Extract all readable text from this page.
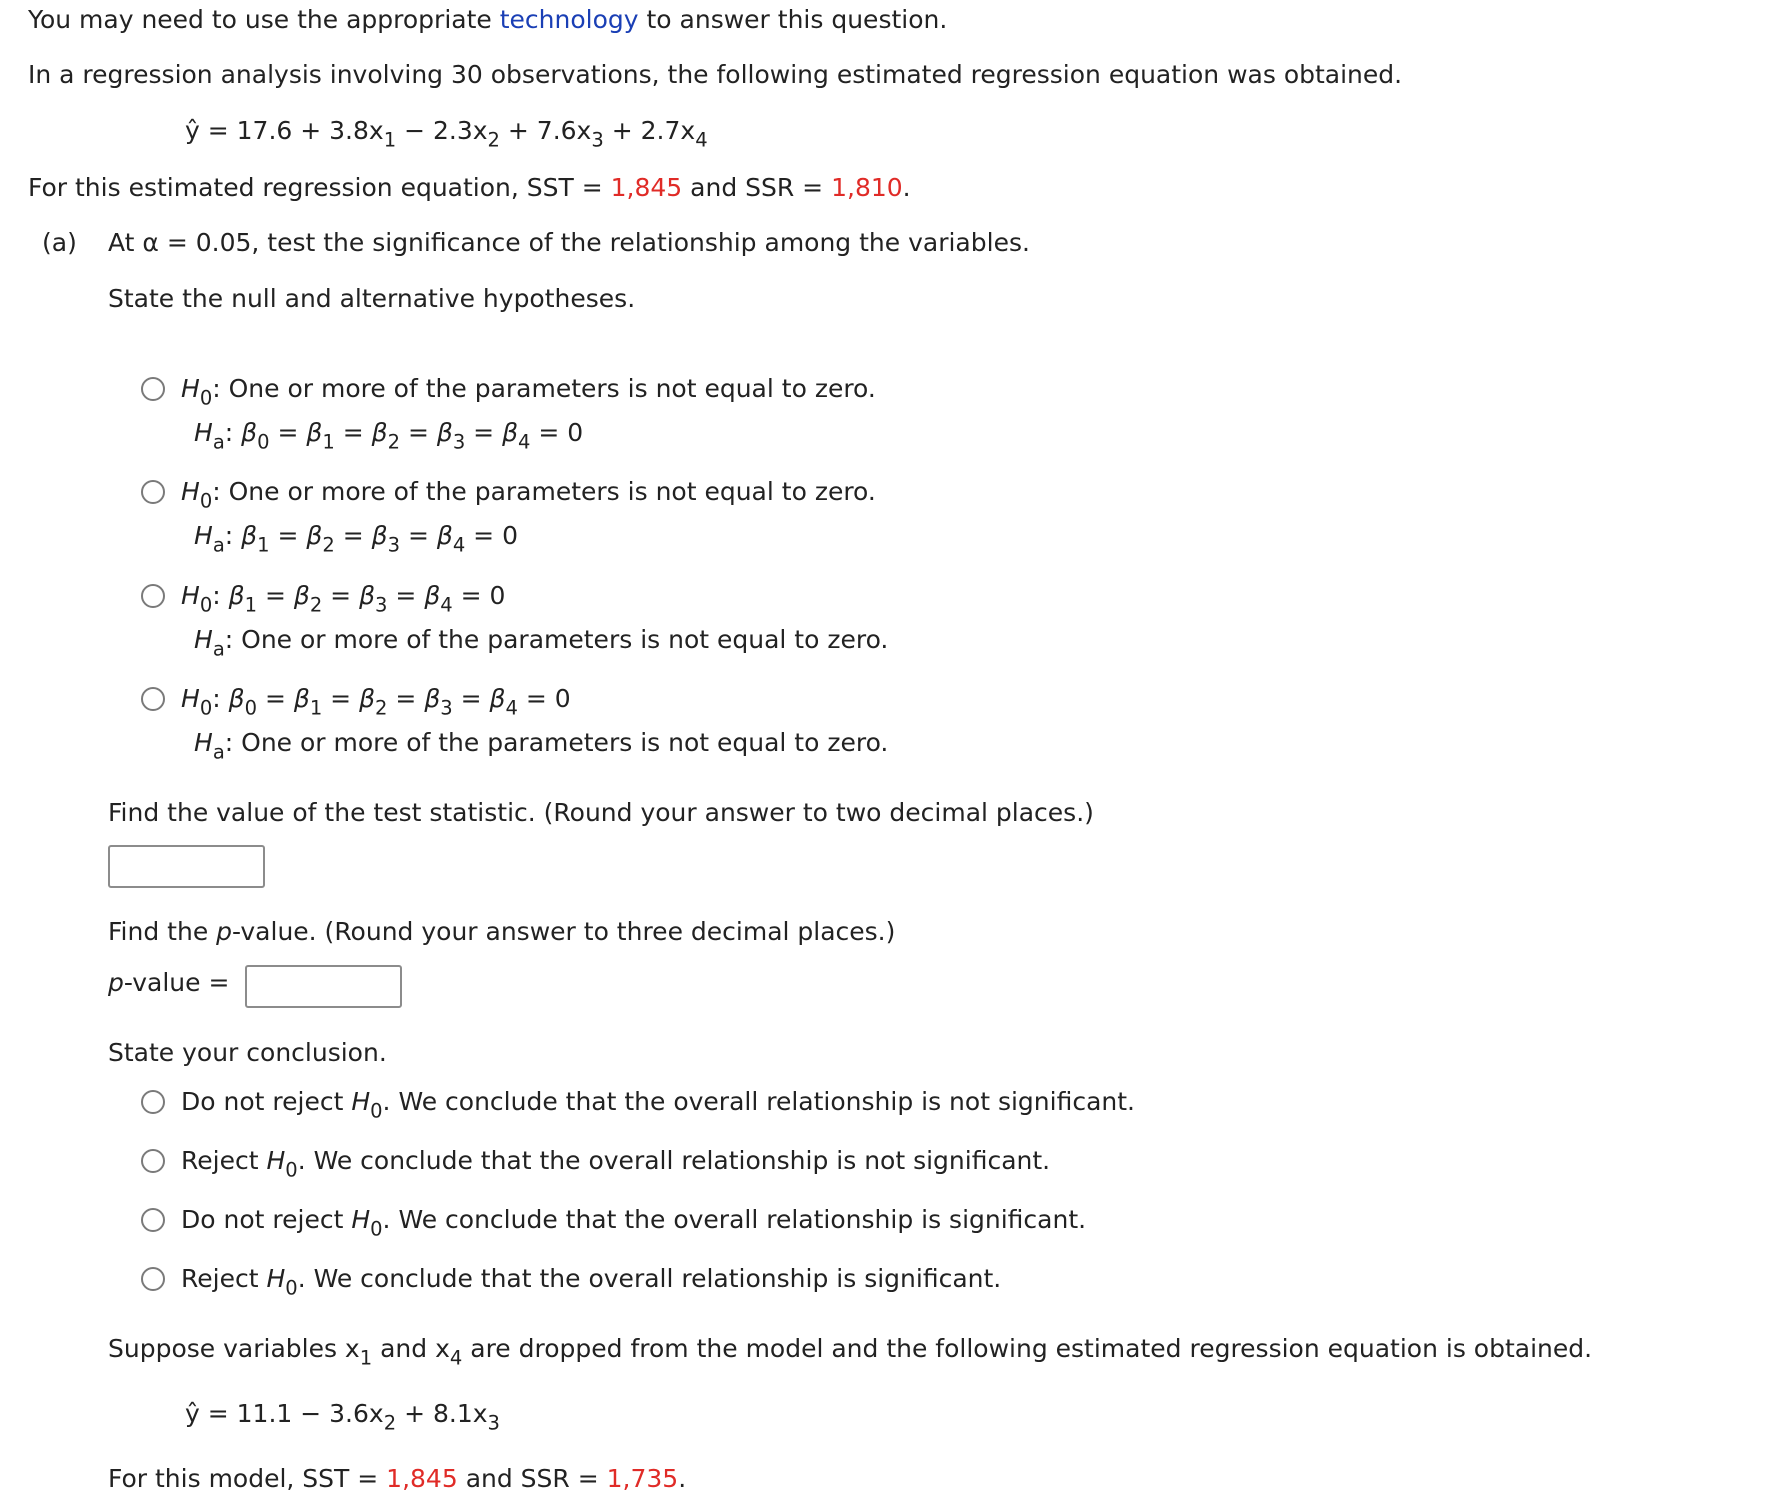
You may need to use the appropriate technology to answer this question.
In a regression analysis involving 30 observations, the following estimated regression equation was obtained.
ŷ = $17.6 + 3.8x_1 - 2.3x_2 + 7.6x_3 + 2.7x_4$
For this estimated regression equation, SST = 1,845 and SSR = 1,810.
(a) At α = 0.05, test the significance of the relationship among the variables.
State the null and alternative hypotheses.
$H_0$: One or more of the parameters is not equal to zero.
$H_a$: $\beta_0 = \beta_1 = \beta_2 = \beta_3 = \beta_4 = 0$
$H_0$: One or more of the parameters is not equal to zero.
$H_a$: $\beta_1 = \beta_2 = \beta_3 = \beta_4 = 0$
$H_0$: $\beta_1 = \beta_2 = \beta_3 = \beta_4 = 0$
$H_a$: One or more of the parameters is not equal to zero.
$H_0$: $\beta_0 = \beta_1 = \beta_2 = \beta_3 = \beta_4 = 0$
$H_a$: One or more of the parameters is not equal to zero.
Find the value of the test statistic. (Round your answer to two decimal places.)
Find the p-value. (Round your answer to three decimal places.)
p-value =
State your conclusion.
Do not reject $H_0$. We conclude that the overall relationship is not significant.
Reject $H_0$. We conclude that the overall relationship is not significant.
Do not reject $H_0$. We conclude that the overall relationship is significant.
Reject $H_0$. We conclude that the overall relationship is significant.
Suppose variables $x_1$ and $x_4$ are dropped from the model and the following estimated regression equation is obtained.
ŷ = $11.1 - 3.6x_2 + 8.1x_3$
For this model, SST = 1,845 and SSR = 1,735.
